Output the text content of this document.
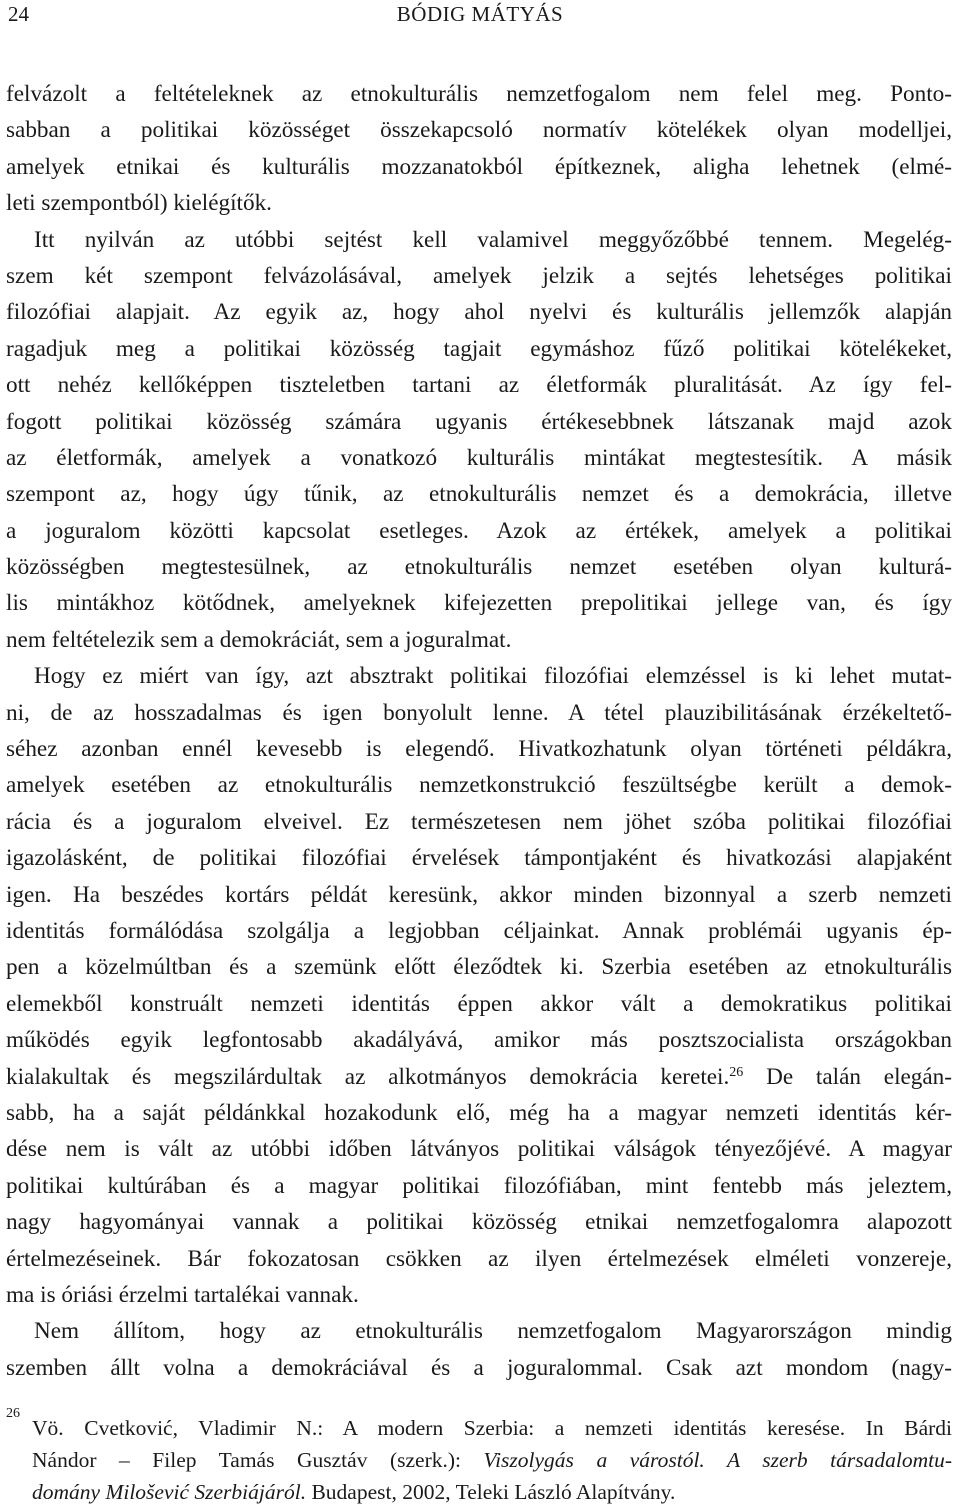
24	BÓDIG MÁTYÁS
felvázolt a feltételeknek az etnokulturális nemzetfogalom nem felel meg. Ponto-
sabban a politikai közösséget összekapcsoló normatív kötelékek olyan modelljei,
amelyek etnikai és kulturális mozzanatokból építkeznek, aligha lehetnek (elmé-
leti szempontból) kielégítők.
Itt nyilván az utóbbi sejtést kell valamivel meggyőzőbbé tennem. Megelég-
szem két szempont felvázolásával, amelyek jelzik a sejtés lehetséges politikai
filozófiai alapjait. Az egyik az, hogy ahol nyelvi és kulturális jellemzők alapján
ragadjuk meg a politikai közösség tagjait egymáshoz fűző politikai kötelékeket,
ott nehéz kellőképpen tiszteletben tartani az életformák pluralitását. Az így fel-
fogott politikai közösség számára ugyanis értékesebbnek látszanak majd azok
az életformák, amelyek a vonatkozó kulturális mintákat megtestesítik. A másik
szempont az, hogy úgy tűnik, az etnokulturális nemzet és a demokrácia, illetve
a joguralom közötti kapcsolat esetleges. Azok az értékek, amelyek a politikai
közösségben megtestesülnek, az etnokulturális nemzet esetében olyan kulturá-
lis mintákhoz kötődnek, amelyeknek kifejezetten prepolitikai jellege van, és így
nem feltételezik sem a demokráciát, sem a joguralmat.
Hogy ez miért van így, azt absztrakt politikai filozófiai elemzéssel is ki lehet mutat-
ni, de az hosszadalmas és igen bonyolult lenne. A tétel plauzibilitásának érzékeltető-
séhez azonban ennél kevesebb is elegendő. Hivatkozhatunk olyan történeti példákra,
amelyek esetében az etnokulturális nemzetkonstrukció feszültségbe került a demok-
rácia és a joguralom elveivel. Ez természetesen nem jöhet szóba politikai filozófiai
igazolásként, de politikai filozófiai érvelések támpontjaként és hivatkozási alapjaként
igen. Ha beszédes kortárs példát keresünk, akkor minden bizonnyal a szerb nemzeti
identitás formálódása szolgálja a legjobban céljainkat. Annak problémái ugyanis ép-
pen a közelmúltban és a szemünk előtt éleződtek ki. Szerbia esetében az etnokulturális
elemekből konstruált nemzeti identitás éppen akkor vált a demokratikus politikai
működés egyik legfontosabb akadályává, amikor más posztszocialista országokban
kialakultak és megszilárdultak az alkotmányos demokrácia keretei.$^{26}$ De talán elegán-
sabb, ha a saját példánkkal hozakodunk elő, még ha a magyar nemzeti identitás kér-
dése nem is vált az utóbbi időben látványos politikai válságok tényezőjévé. A magyar
politikai kultúrában és a magyar politikai filozófiában, mint fentebb más jeleztem,
nagy hagyományai vannak a politikai közösség etnikai nemzetfogalomra alapozott
értelmezéseinek. Bár fokozatosan csökken az ilyen értelmezések elméleti vonzereje,
ma is óriási érzelmi tartalékai vannak.
Nem állítom, hogy az etnokulturális nemzetfogalom Magyarországon mindig
szemben állt volna a demokráciával és a joguralommal. Csak azt mondom (nagy-
26
Vö. Cvetković, Vladimir N.: A modern Szerbia: a nemzeti identitás keresése. In Bárdi
Nándor – Filep Tamás Gusztáv (szerk.): Viszolygás a várostól. A szerb társadalomtu-
domány Milošević Szerbiájáról. Budapest, 2002, Teleki László Alapítvány.
